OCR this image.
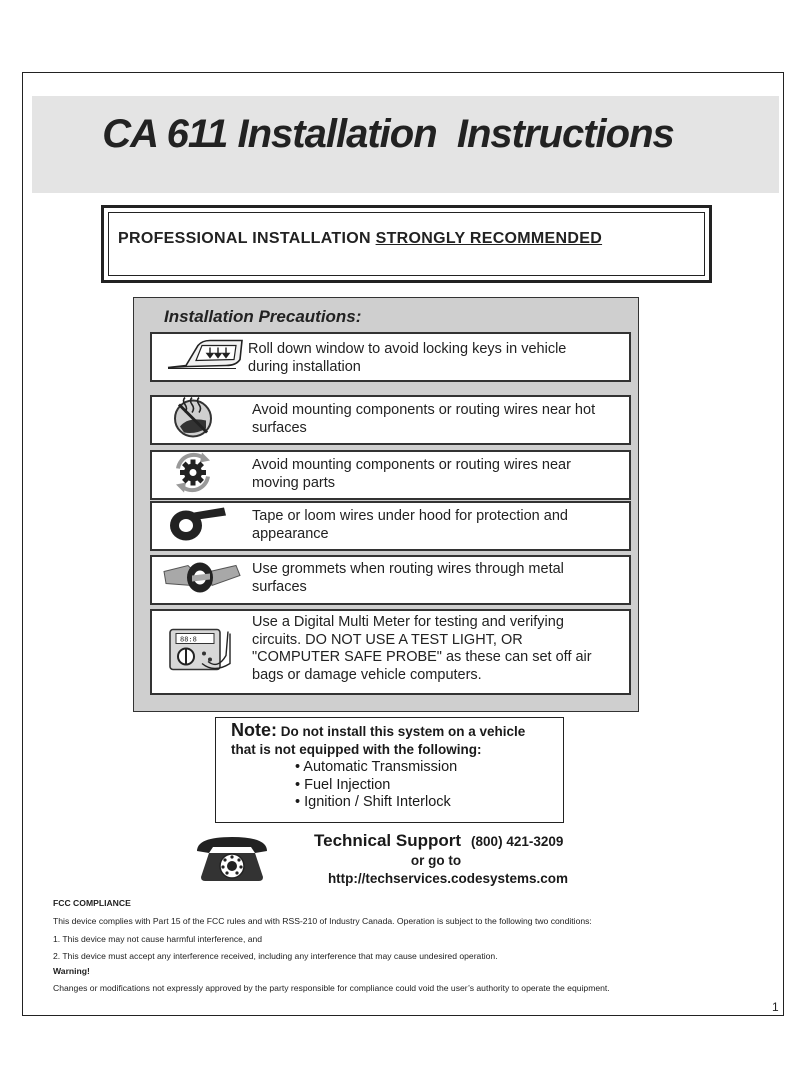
CA 611 Installation  Instructions
PROFESSIONAL INSTALLATION STRONGLY RECOMMENDED
Installation Precautions:
Roll down window to avoid locking keys in vehicle during installation
Avoid mounting components or routing wires near hot surfaces
Avoid mounting components or routing wires near moving parts
Tape or loom wires under hood for protection and appearance
Use grommets when routing wires through metal surfaces
88:8
Use a Digital Multi Meter for testing and verifying circuits. DO NOT USE A TEST LIGHT, OR "COMPUTER SAFE PROBE" as these can set off air bags or damage vehicle computers.
Note: Do not install this system on a vehicle
that is not equipped with the following:
• Automatic Transmission
• Fuel Injection
• Ignition / Shift Interlock
Technical Support (800) 421-3209
or go to
http://techservices.codesystems.com
FCC COMPLIANCE
This device complies with Part 15 of the FCC rules and with RSS-210 of Industry Canada. Operation is subject to the following two conditions:
1. This device may not cause harmful interference, and
2. This device must accept any interference received, including any interference that may cause undesired operation.
Warning!
Changes or modifications not expressly approved by the party responsible for compliance could void the user’s authority to operate the equipment.
1
